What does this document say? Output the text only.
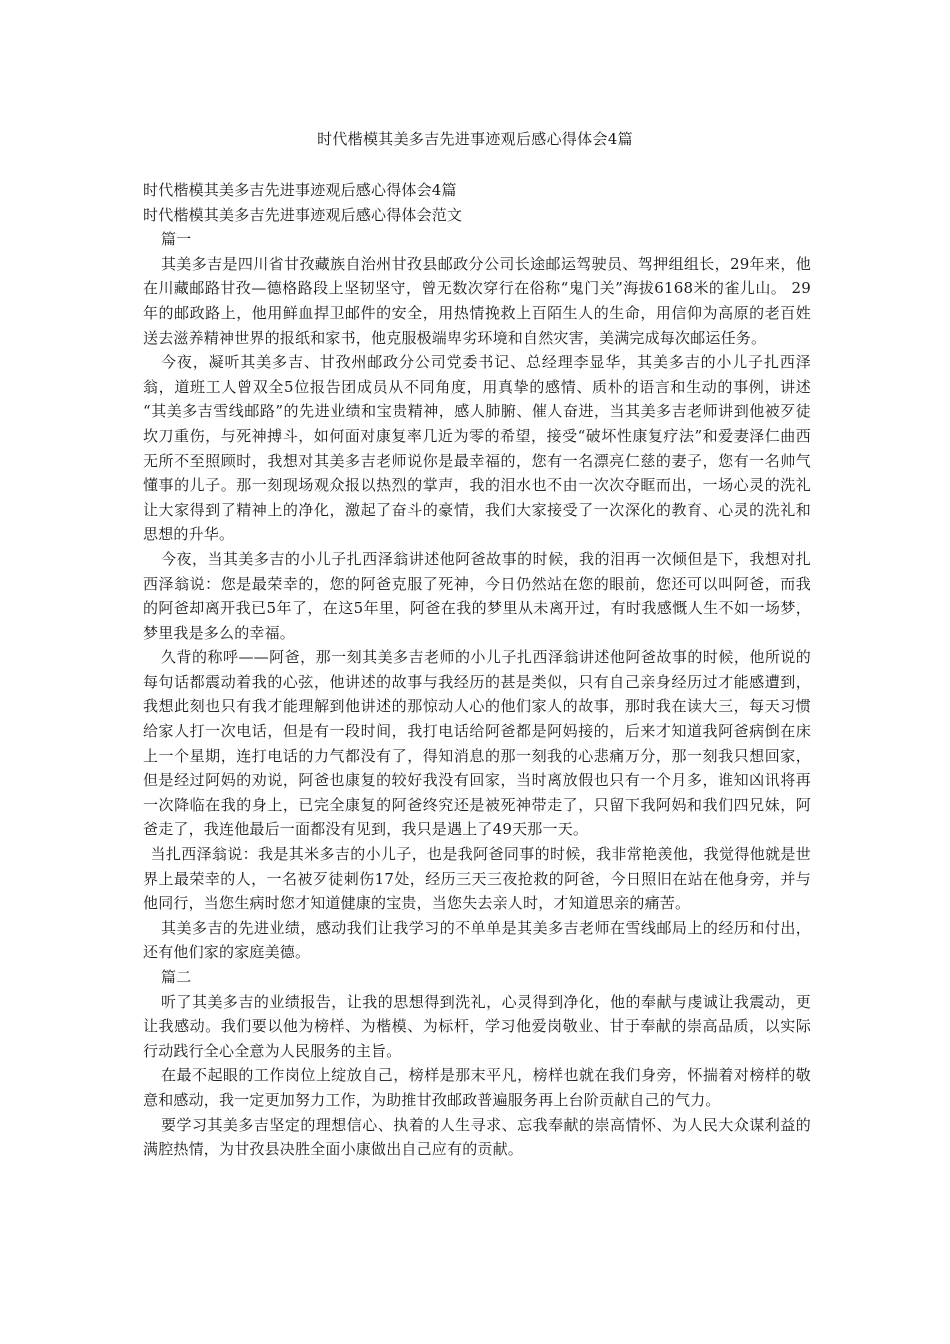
时代楷模其美多吉先进事迹观后感心得体会4篇

时代楷模其美多吉先进事迹观后感心得体会4篇

时代楷模其美多吉先进事迹观后感心得体会范文

篇一

其美多吉是四川省甘孜藏族自治州甘孜县邮政分公司长途邮运驾驶员、驾押组组长，29年来，他在川藏邮路甘孜—德格路段上坚韧坚守，曾无数次穿行在俗称“鬼门关”海拔6168米的雀儿山。 29年的邮政路上，他用鲜血捍卫邮件的安全，用热情挽救上百陌生人的生命，用信仰为高原的老百姓送去滋养精神世界的报纸和家书，他克服极端卑劣环境和自然灾害，美满完成每次邮运任务。

今夜，凝听其美多吉、甘孜州邮政分公司党委书记、总经理李显华，其美多吉的小儿子扎西泽翁，道班工人曾双全5位报告团成员从不同角度，用真挚的感情、质朴的语言和生动的事例，讲述 “其美多吉雪线邮路”的先进业绩和宝贵精神，感人肺腑、催人奋进，当其美多吉老师讲到他被歹徒坎刀重伤，与死神搏斗，如何面对康复率几近为零的希望，接受“破坏性康复疗法”和爱妻泽仁曲西无所不至照顾时，我想对其美多吉老师说你是最幸福的，您有一名漂亮仁慈的妻子，您有一名帅气懂事的儿子。那一刻现场观众报以热烈的掌声，我的泪水也不由一次次夺眶而出，一场心灵的洗礼让大家得到了精神上的净化，激起了奋斗的豪情，我们大家接受了一次深化的教育、心灵的洗礼和思想的升华。

今夜，当其美多吉的小儿子扎西泽翁讲述他阿爸故事的时候，我的泪再一次倾但是下，我想对扎西泽翁说：您是最荣幸的，您的阿爸克服了死神，今日仍然站在您的眼前，您还可以叫阿爸，而我的阿爸却离开我已5年了，在这5年里，阿爸在我的梦里从未离开过，有时我感慨人生不如一场梦，梦里我是多么的幸福。

久背的称呼——阿爸，那一刻其美多吉老师的小儿子扎西泽翁讲述他阿爸故事的时候，他所说的每句话都震动着我的心弦，他讲述的故事与我经历的甚是类似，只有自己亲身经历过才能感遭到，我想此刻也只有我才能理解到他讲述的那惊动人心的他们家人的故事，那时我在读大三，每天习惯给家人打一次电话，但是有一段时间，我打电话给阿爸都是阿妈接的，后来才知道我阿爸病倒在床上一个星期，连打电话的力气都没有了，得知消息的那一刻我的心悲痛万分，那一刻我只想回家，但是经过阿妈的劝说，阿爸也康复的较好我没有回家，当时离放假也只有一个月多，谁知凶讯将再一次降临在我的身上，已完全康复的阿爸终究还是被死神带走了，只留下我阿妈和我们四兄妹，阿爸走了，我连他最后一面都没有见到，我只是遇上了49天那一天。

当扎西泽翁说：我是其米多吉的小儿子，也是我阿爸同事的时候，我非常艳羡他，我觉得他就是世界上最荣幸的人，一名被歹徒刺伤17处，经历三天三夜抢救的阿爸，今日照旧在站在他身旁，并与他同行，当您生病时您才知道健康的宝贵，当您失去亲人时，才知道思亲的痛苦。

其美多吉的先进业绩，感动我们让我学习的不单单是其美多吉老师在雪线邮局上的经历和付出，还有他们家的家庭美德。

篇二

听了其美多吉的业绩报告，让我的思想得到洗礼，心灵得到净化，他的奉献与虔诚让我震动，更让我感动。我们要以他为榜样、为楷模、为标杆，学习他爱岗敬业、甘于奉献的崇高品质，以实际行动践行全心全意为人民服务的主旨。

在最不起眼的工作岗位上绽放自己，榜样是那末平凡，榜样也就在我们身旁，怀揣着对榜样的敬意和感动，我一定更加努力工作，为助推甘孜邮政普遍服务再上台阶贡献自己的气力。

要学习其美多吉坚定的理想信心、执着的人生寻求、忘我奉献的崇高情怀、为人民大众谋利益的满腔热情，为甘孜县决胜全面小康做出自己应有的贡献。
